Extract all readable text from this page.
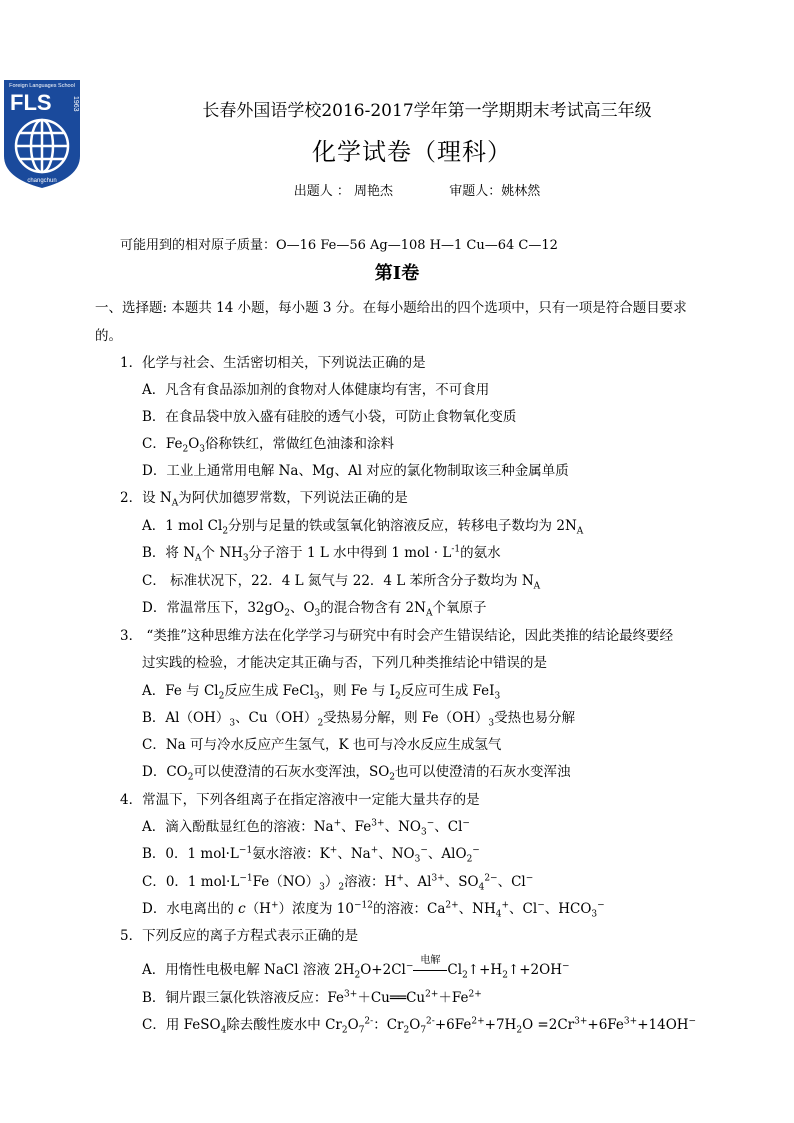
Foreign Languages School
FLS	1963
changchun
长春外国语学校2016-2017学年第一学期期末考试高三年级
化学试卷（理科）
出题人 ： 周艳杰	审题人：姚林然
可能用到的相对原子质量：O—16 Fe—56 Ag—108 H—1 Cu—64 C—12
第Ⅰ卷
一、选择题: 本题共 14 小题，每小题 3 分。在每小题给出的四个选项中，只有一项是符合题目要求
的。
1．化学与社会、生活密切相关，下列说法正确的是
A．凡含有食品添加剂的食物对人体健康均有害，不可食用
B．在食品袋中放入盛有硅胶的透气小袋，可防止食物氧化变质
C．$Fe_2O_3$俗称铁红，常做红色油漆和涂料
D．工业上通常用电解 Na、Mg、Al 对应的氯化物制取该三种金属单质
2．设 $N_A$为阿伏加德罗常数，下列说法正确的是
A．1 mol $Cl_2$分别与足量的铁或氢氧化钠溶液反应，转移电子数均为 $2N_A$
B．将 $N_A$个 $NH_3$分子溶于 1 L 水中得到 1 mol · $L^{-1}$的氨水
C． 标准状况下，22．4 L 氮气与 22．4 L 苯所含分子数均为 $N_A$
D．常温常压下，$32gO_2$、$O_3$的混合物含有 $2N_A$个氧原子
3． “类推”这种思维方法在化学学习与研究中有时会产生错误结论，因此类推的结论最终要经
过实践的检验，才能决定其正确与否，下列几种类推结论中错误的是
A．Fe 与 $Cl_2$反应生成 FeCl$_3$，则 Fe 与 $I_2$反应可生成 FeI$_3$
B．$Al(OH)_3$、$Cu(OH)_2$受热易分解，则 $Fe(OH)_3$受热也易分解
C．Na 可与冷水反应产生氢气，K 也可与冷水反应生成氢气
D．$CO_2$可以使澄清的石灰水变浑浊，$SO_2$也可以使澄清的石灰水变浑浊
4．常温下，下列各组离子在指定溶液中一定能大量共存的是
A．滴入酚酞显红色的溶液：Na+、$Fe^{3+}$、$NO_3^-$、Cl−
B．0．1 $mol\cdot L^{-1}$氨水溶液：K+、Na+、$NO_3^-$、AlO$_2$−
C．0．1 $mol\cdot L^{-1}Fe(NO)_3)_2$溶液：H+、$Al^{3+}$、$SO_4^{2-}$、Cl−
D．水电离出的 c（H+）浓度为 $10^{-12}$的溶液：$Ca^{2+}$、$NH_4^+$、Cl−、$HCO_3^-$
5．下列反应的离子方程式表示正确的是
A．用惰性电极电解 NaCl 溶液 $2H_2O+2Cl^-$
电解
$Cl_2↑+H_2↑+2OH^-$
B．铜片跟三氯化铁溶液反应：$Fe^{3+}+Cu══Cu^{2+}+Fe^{2+}$
C．用 FeSO$_4$除去酸性废水中 $Cr_2O_7^{2-}$：$Cr_2O_7^{2-}+6Fe^{2+}+7H_2O =2Cr^{3+}+6Fe^{3+}+14OH^-$
